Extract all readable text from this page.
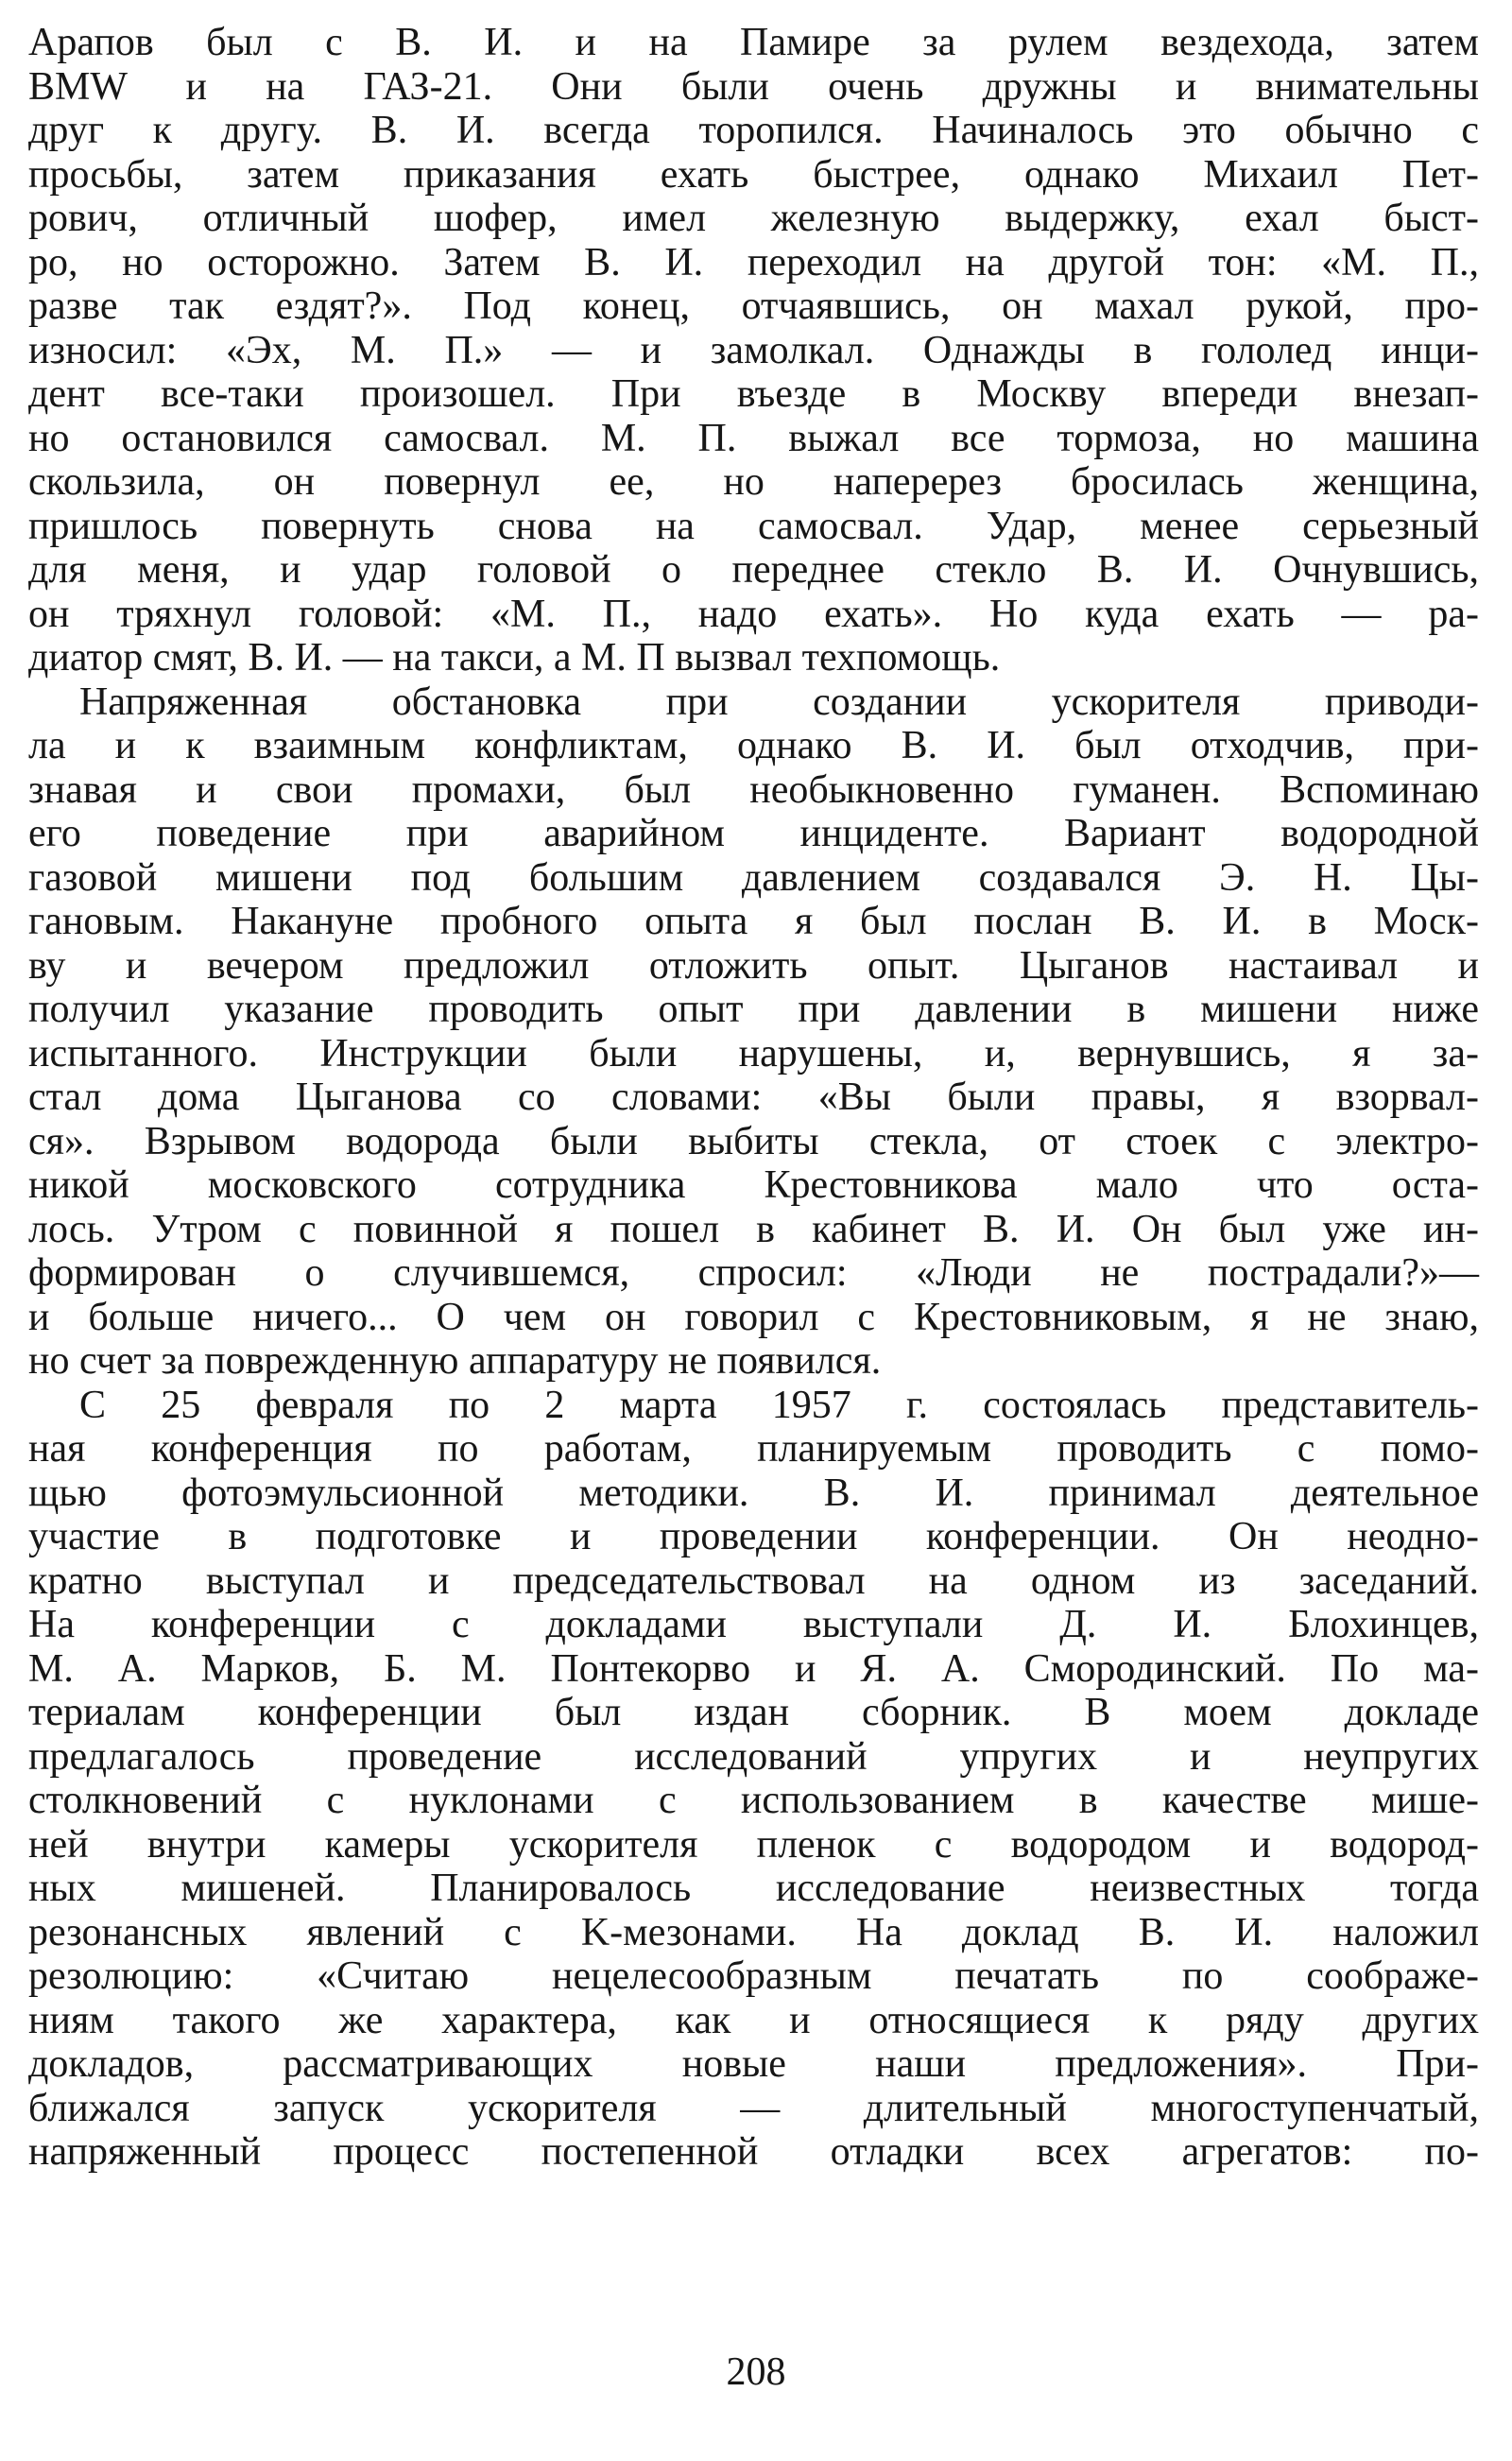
Арапов был с В. И. и на Памире за рулем вездехода, затем
BMW и на ГАЗ-21. Они были очень дружны и внимательны
друг к другу. В. И. всегда торопился. Начиналось это обычно с
просьбы, затем приказания ехать быстрее, однако Михаил Пет-
рович, отличный шофер, имел железную выдержку, ехал быст-
ро, но осторожно. Затем В. И. переходил на другой тон: «М. П.,
разве так ездят?». Под конец, отчаявшись, он махал рукой, про-
износил: «Эх, М. П.» — и замолкал. Однажды в гололед инци-
дент все-таки произошел. При въезде в Москву впереди внезап-
но остановился самосвал. М. П. выжал все тормоза, но машина
скользила, он повернул ее, но наперерез бросилась женщина,
пришлось повернуть снова на самосвал. Удар, менее серьезный
для меня, и удар головой о переднее стекло В. И. Очнувшись,
он тряхнул головой: «М. П., надо ехать». Но куда ехать — ра-
диатор смят, В. И. — на такси, а М. П вызвал техпомощь.
Напряженная обстановка при создании ускорителя приводи-
ла и к взаимным конфликтам, однако В. И. был отходчив, при-
знавая и свои промахи, был необыкновенно гуманен. Вспоминаю
его поведение при аварийном инциденте. Вариант водородной
газовой мишени под большим давлением создавался Э. Н. Цы-
гановым. Накануне пробного опыта я был послан В. И. в Моск-
ву и вечером предложил отложить опыт. Цыганов настаивал и
получил указание проводить опыт при давлении в мишени ниже
испытанного. Инструкции были нарушены, и, вернувшись, я за-
стал дома Цыганова со словами: «Вы были правы, я взорвал-
ся». Взрывом водорода были выбиты стекла, от стоек с электро-
никой московского сотрудника Крестовникова мало что оста-
лось. Утром с повинной я пошел в кабинет В. И. Он был уже ин-
формирован о случившемся, спросил: «Люди не пострадали?»—
и больше ничего... О чем он говорил с Крестовниковым, я не знаю,
но счет за поврежденную аппаратуру не появился.
С 25 февраля по 2 марта 1957 г. состоялась представитель-
ная конференция по работам, планируемым проводить с помо-
щью фотоэмульсионной методики. В. И. принимал деятельное
участие в подготовке и проведении конференции. Он неодно-
кратно выступал и председательствовал на одном из заседаний.
На конференции с докладами выступали Д. И. Блохинцев,
М. А. Марков, Б. М. Понтекорво и Я. А. Смородинский. По ма-
териалам конференции был издан сборник. В моем докладе
предлагалось проведение исследований упругих и неупругих
столкновений с нуклонами с использованием в качестве мише-
ней внутри камеры ускорителя пленок с водородом и водород-
ных мишеней. Планировалось исследование неизвестных тогда
резонансных явлений с K-мезонами. На доклад В. И. наложил
резолюцию: «Считаю нецелесообразным печатать по соображе-
ниям такого же характера, как и относящиеся к ряду других
докладов, рассматривающих новые наши предложения». При-
ближался запуск ускорителя — длительный многоступенчатый,
напряженный процесс постепенной отладки всех агрегатов: по-
208
